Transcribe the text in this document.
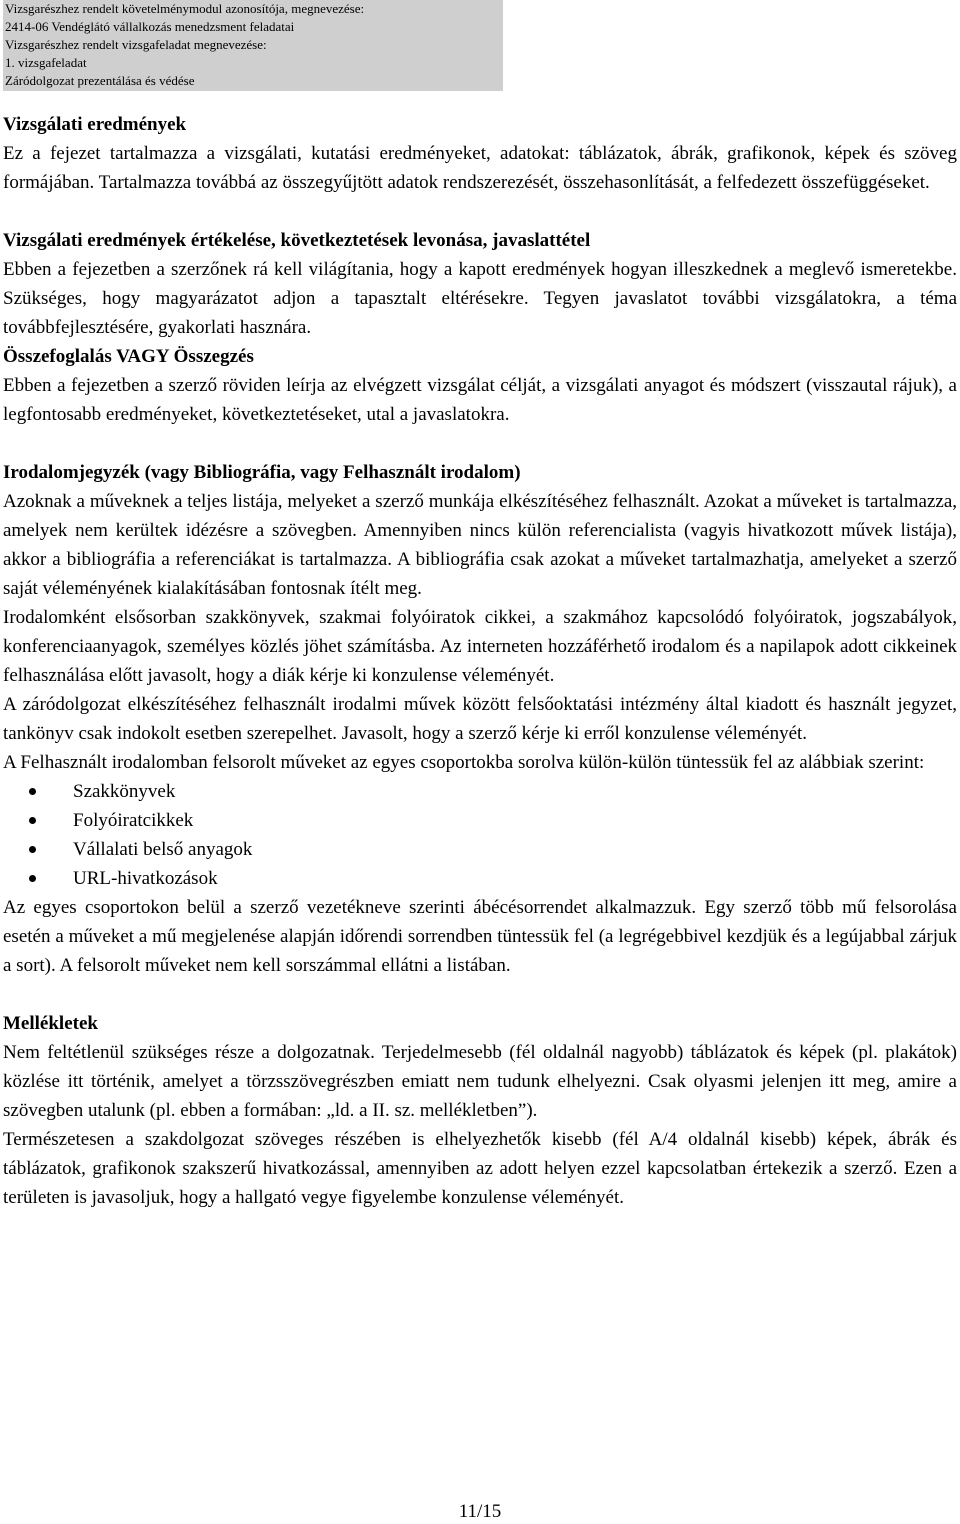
Vizsgarészhez rendelt követelménymodul azonosítója, megnevezése:
2414-06 Vendéglátó vállalkozás menedzsment feladatai
Vizsgarészhez rendelt vizsgafeladat megnevezése:
1. vizsgafeladat
Záródolgozat prezentálása és védése

Vizsgálati eredmények

Ez a fejezet tartalmazza a vizsgálati, kutatási eredményeket, adatokat: táblázatok, ábrák, grafikonok, képek és szöveg formájában. Tartalmazza továbbá az összegyűjtött adatok rendszerezését, összehasonlítását, a felfedezett összefüggéseket.

Vizsgálati eredmények értékelése, következtetések levonása, javaslattétel

Ebben a fejezetben a szerzőnek rá kell világítania, hogy a kapott eredmények hogyan illeszkednek a meglevő ismeretekbe. Szükséges, hogy magyarázatot adjon a tapasztalt eltérésekre. Tegyen javaslatot további vizsgálatokra, a téma továbbfejlesztésére, gyakorlati hasznára.

Összefoglalás VAGY Összegzés

Ebben a fejezetben a szerző röviden leírja az elvégzett vizsgálat célját, a vizsgálati anyagot és módszert (visszautal rájuk), a legfontosabb eredményeket, következtetéseket, utal a javaslatokra.

Irodalomjegyzék (vagy Bibliográfia, vagy Felhasznált irodalom)

Azoknak a műveknek a teljes listája, melyeket a szerző munkája elkészítéséhez felhasznált. Azokat a műveket is tartalmazza, amelyek nem kerültek idézésre a szövegben. Amennyiben nincs külön referencialista (vagyis hivatkozott művek listája), akkor a bibliográfia a referenciákat is tartalmazza. A bibliográfia csak azokat a műveket tartalmazhatja, amelyeket a szerző saját véleményének kialakításában fontosnak ítélt meg.

Irodalomként elsősorban szakkönyvek, szakmai folyóiratok cikkei, a szakmához kapcsolódó folyóiratok, jogszabályok, konferenciaanyagok, személyes közlés jöhet számításba. Az interneten hozzáférhető irodalom és a napilapok adott cikkeinek felhasználása előtt javasolt, hogy a diák kérje ki konzulense véleményét.

A záródolgozat elkészítéséhez felhasznált irodalmi művek között felsőoktatási intézmény által kiadott és használt jegyzet, tankönyv csak indokolt esetben szerepelhet. Javasolt, hogy a szerző kérje ki erről konzulense véleményét.

A Felhasznált irodalomban felsorolt műveket az egyes csoportokba sorolva külön-külön tüntessük fel az alábbiak szerint:

Szakkönyvek
Folyóiratcikkek
Vállalati belső anyagok
URL-hivatkozások

Az egyes csoportokon belül a szerző vezetékneve szerinti ábécésorrendet alkalmazzuk. Egy szerző több mű felsorolása esetén a műveket a mű megjelenése alapján időrendi sorrendben tüntessük fel (a legrégebbivel kezdjük és a legújabbal zárjuk a sort). A felsorolt műveket nem kell sorszámmal ellátni a listában.

Mellékletek

Nem feltétlenül szükséges része a dolgozatnak. Terjedelmesebb (fél oldalnál nagyobb) táblázatok és képek (pl. plakátok) közlése itt történik, amelyet a törzsszövegrészben emiatt nem tudunk elhelyezni. Csak olyasmi jelenjen itt meg, amire a szövegben utalunk (pl. ebben a formában: „ld. a II. sz. mellékletben”).

Természetesen a szakdolgozat szöveges részében is elhelyezhetők kisebb (fél A/4 oldalnál kisebb) képek, ábrák és táblázatok, grafikonok szakszerű hivatkozással, amennyiben az adott helyen ezzel kapcsolatban értekezik a szerző. Ezen a területen is javasoljuk, hogy a hallgató vegye figyelembe konzulense véleményét.

11/15
